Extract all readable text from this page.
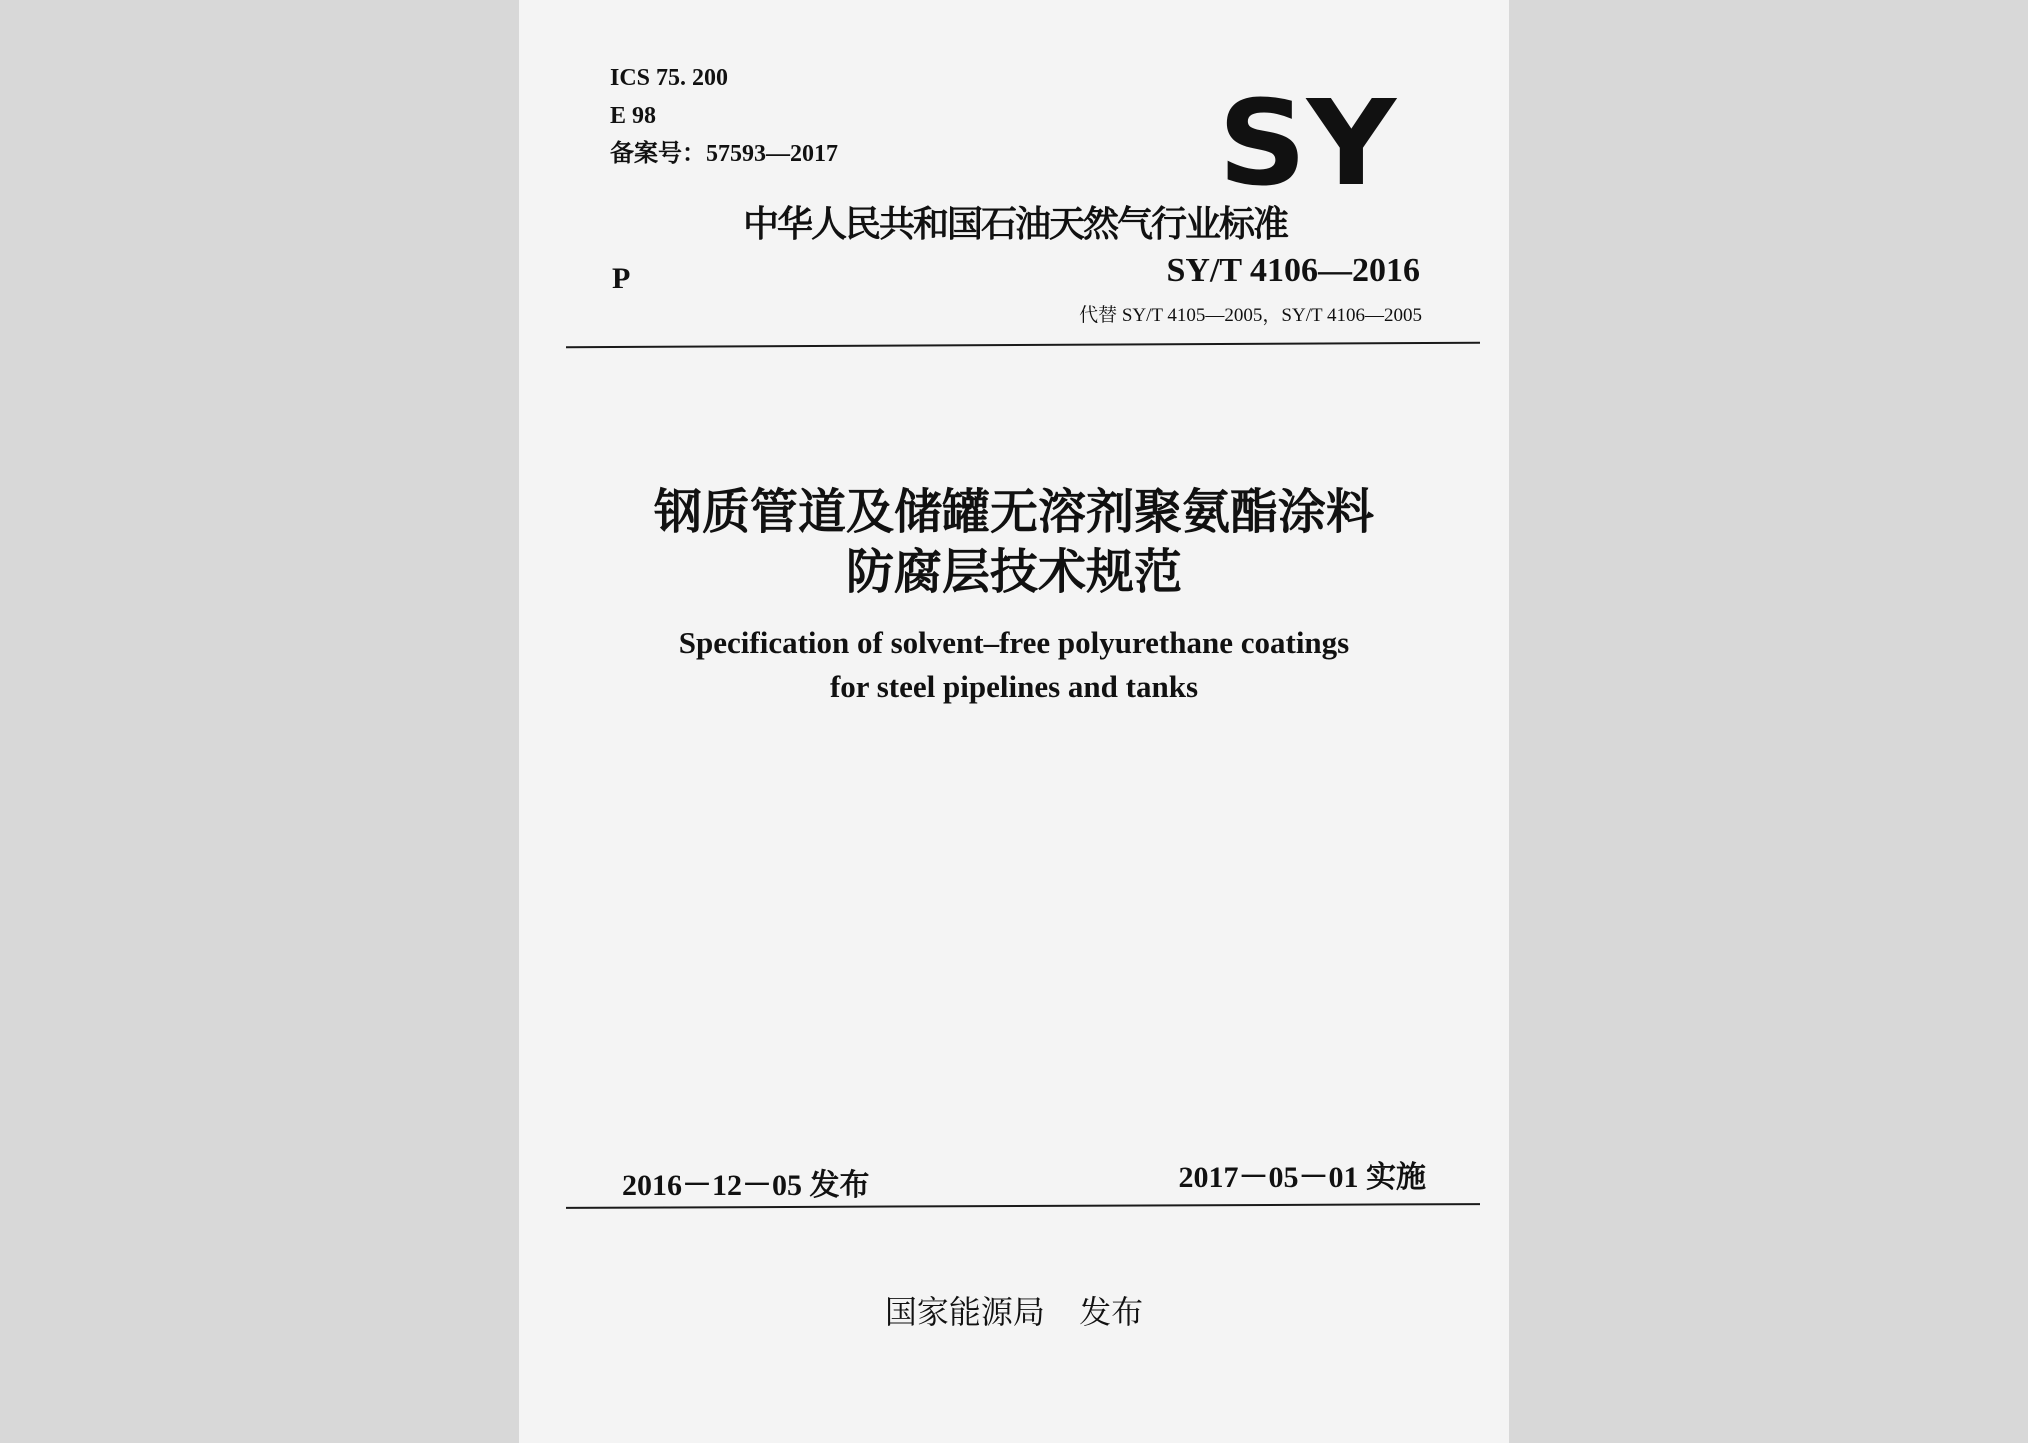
ICS 75. 200
E 98
备案号：57593—2017	SY
中华人民共和国石油天然气行业标准
P	SY/T 4106—2016
代替 SY/T 4105—2005，SY/T 4106—2005
钢质管道及储罐无溶剂聚氨酯涂料
防腐层技术规范
Specification of solvent–free polyurethane coatings
for steel pipelines and tanks
2016－12－05 发布	2017－05－01 实施
国家能源局 发布
